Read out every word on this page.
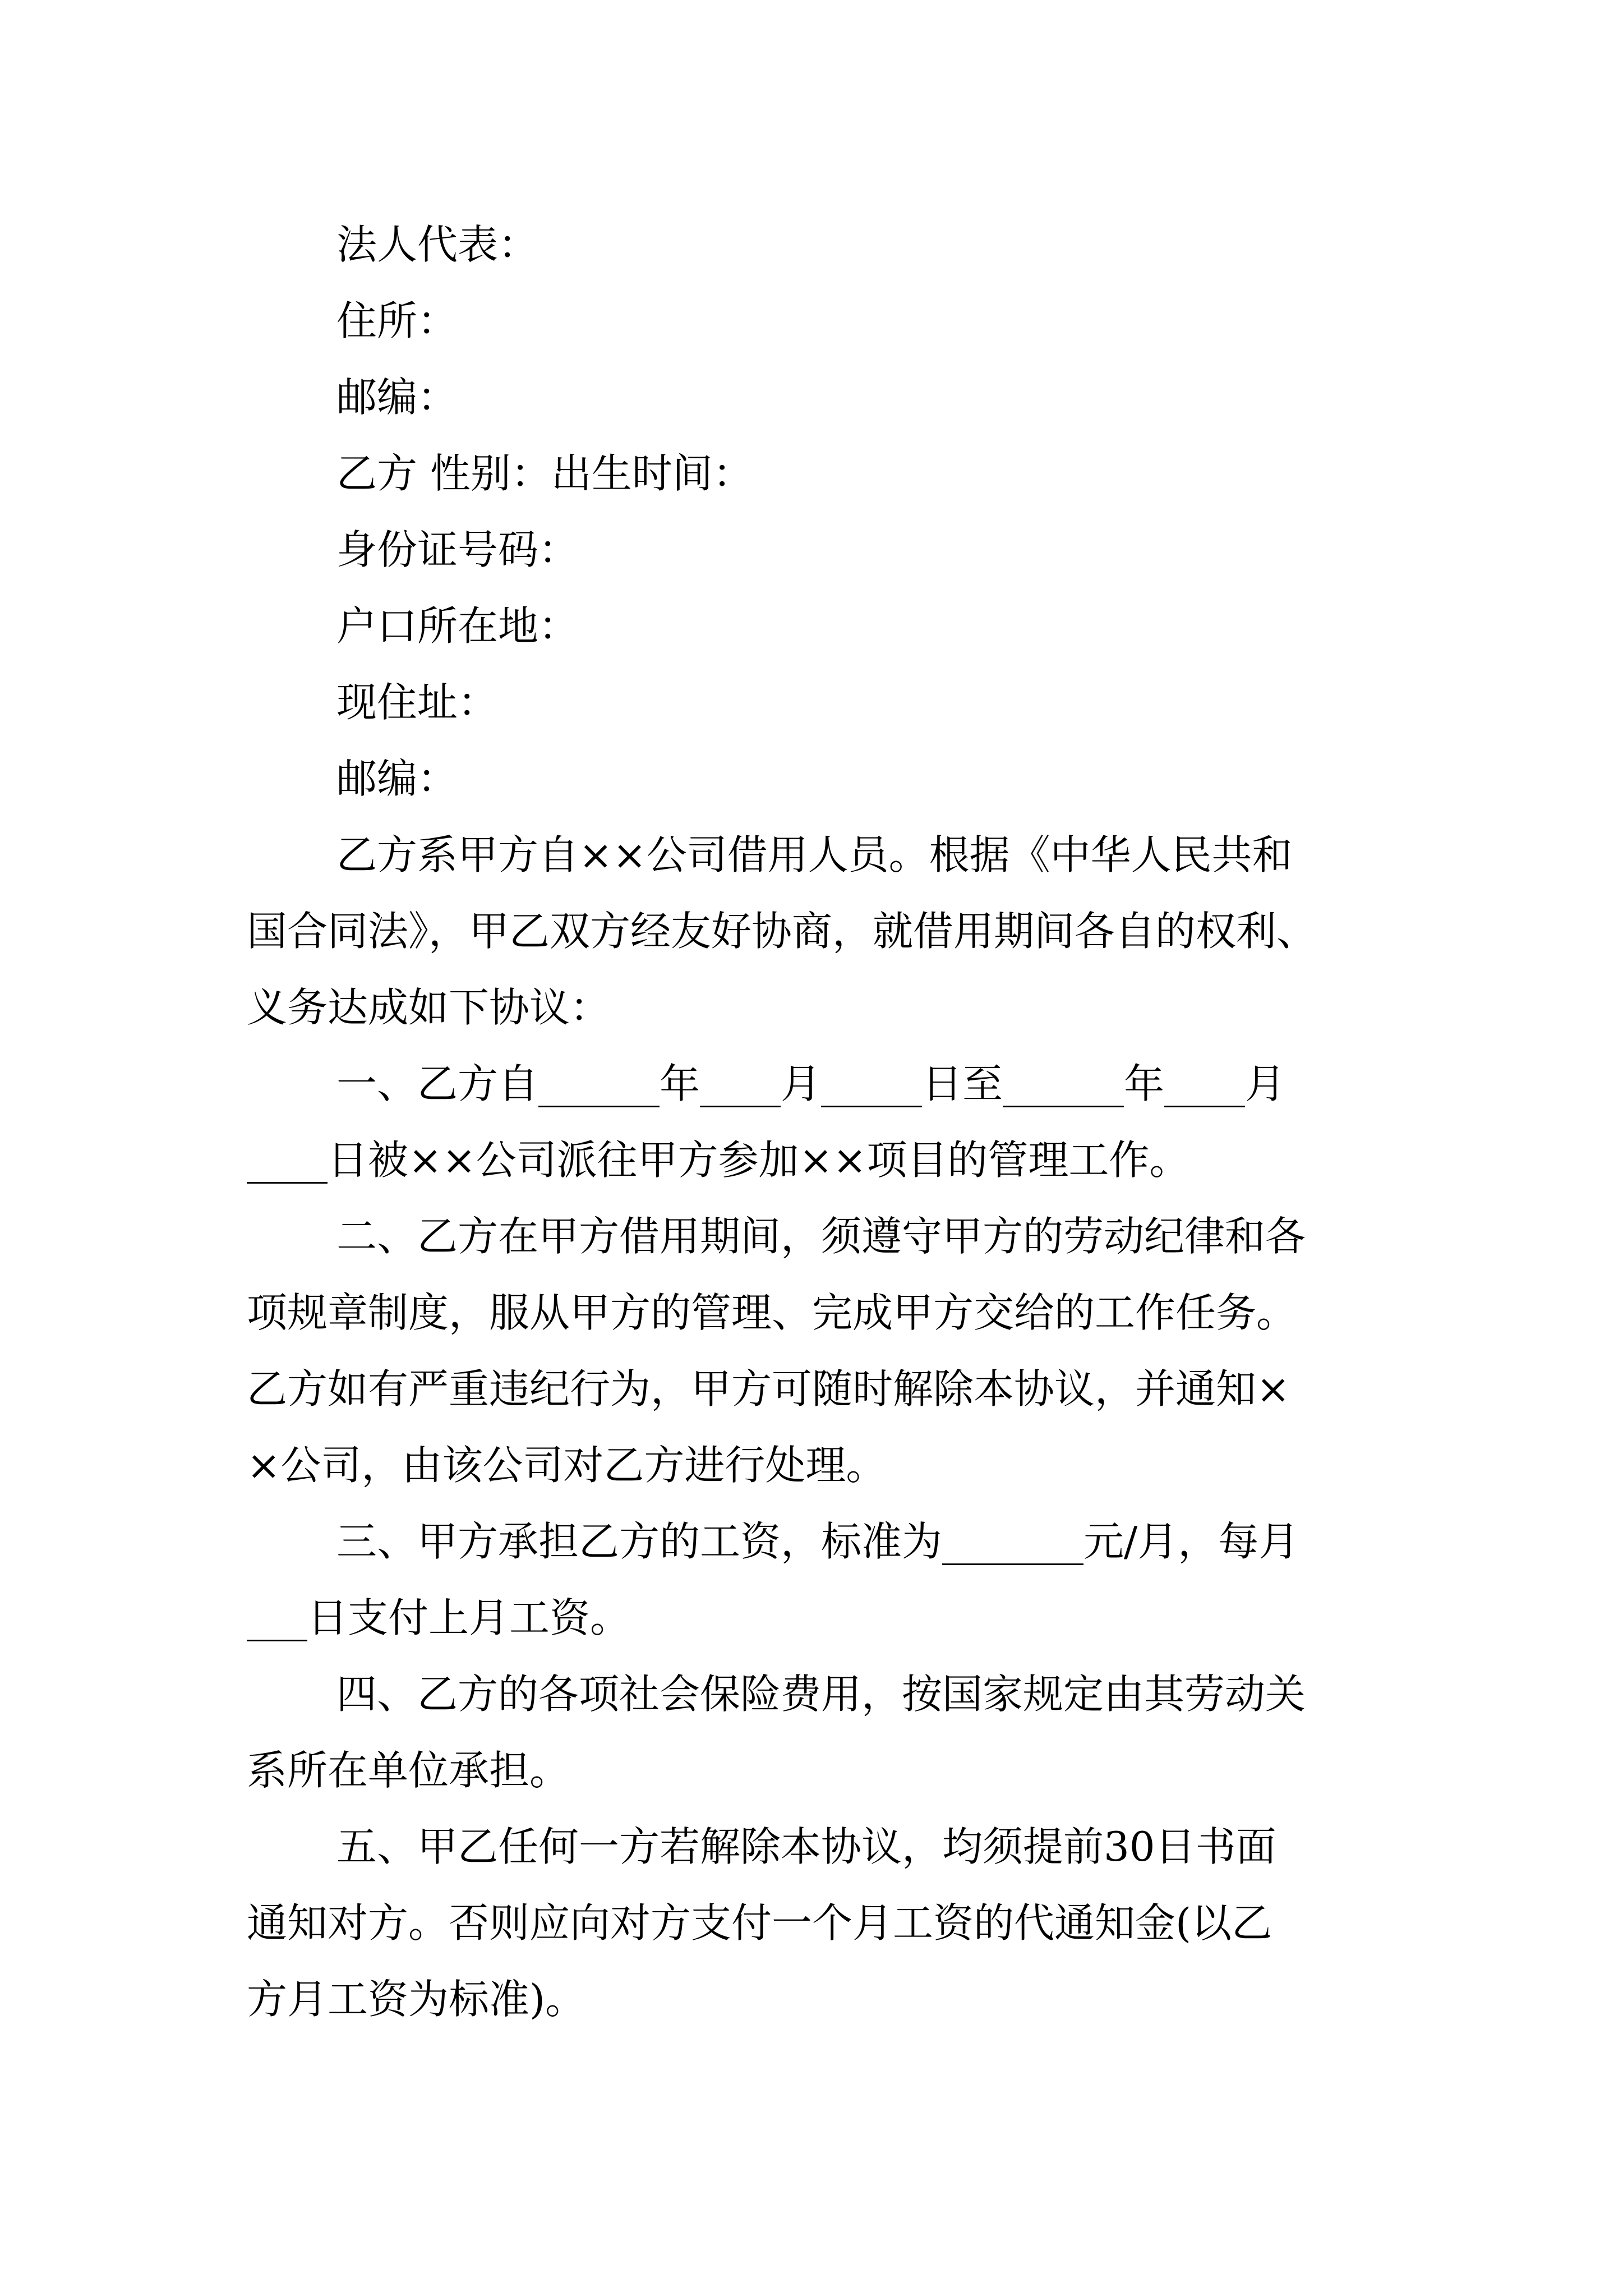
法人代表：
住所：
邮编：
乙方 性别：出生时间：
身份证号码：
户口所在地：
现住址：
邮编：
乙方系甲方自××公司借用人员。根据《中华人民共和
国合同法》，甲乙双方经友好协商，就借用期间各自的权利、
义务达成如下协议：
一、乙方自______年____月_____日至______年____月
____日被××公司派往甲方参加××项目的管理工作。
二、乙方在甲方借用期间，须遵守甲方的劳动纪律和各
项规章制度，服从甲方的管理、完成甲方交给的工作任务。
乙方如有严重违纪行为，甲方可随时解除本协议，并通知×
×公司，由该公司对乙方进行处理。
三、甲方承担乙方的工资，标准为_______元/月，每月
___日支付上月工资。
四、乙方的各项社会保险费用，按国家规定由其劳动关
系所在单位承担。
五、甲乙任何一方若解除本协议，均须提前30日书面
通知对方。否则应向对方支付一个月工资的代通知金(以乙
方月工资为标准)。
